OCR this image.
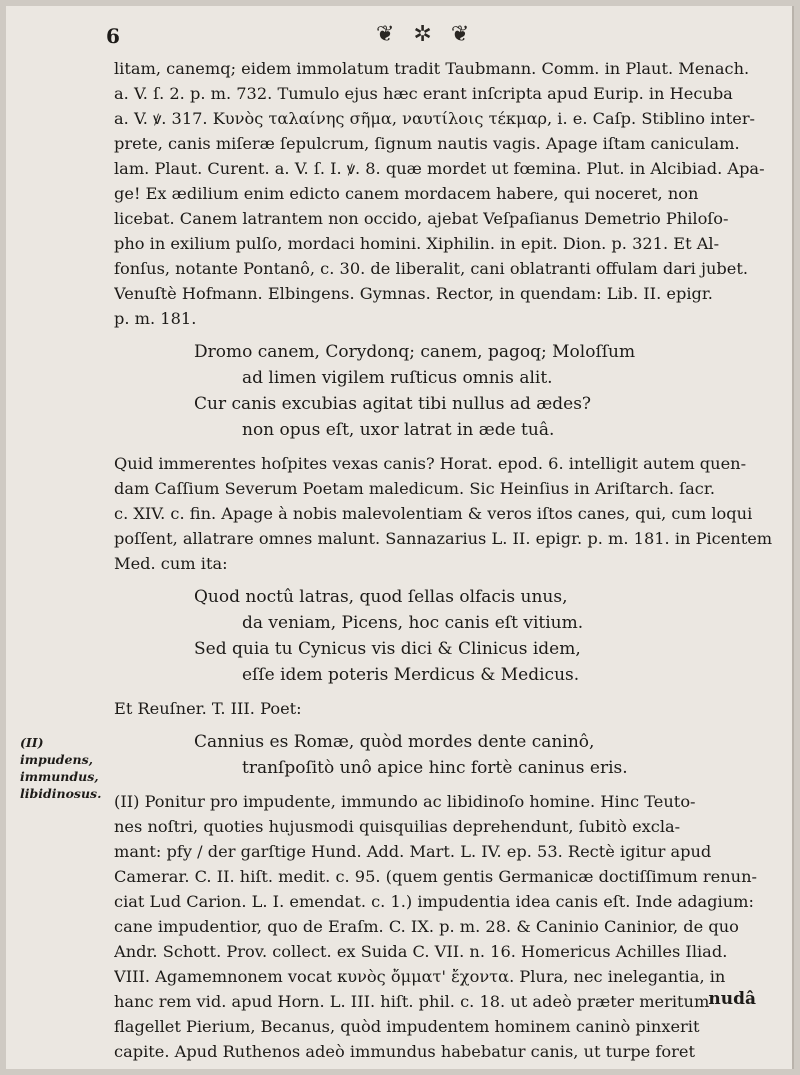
6	❦ ✲ ❦
litam, canemq; eidem immolatum tradit Taubmann. Comm. in Plaut. Menach.
a. V. ſ. 2. p. m. 732. Tumulo ejus hæc erant inſcripta apud Eurip. in Hecuba
a. V. ꝟ. 317. Κυνὸς ταλαίνης σῆμα, ναυτίλοις τέκμαρ, i. e. Caſp. Stiblino inter-
prete, canis miſeræ ſepulcrum, ſignum nautis vagis. Apage iſtam caniculam.
lam. Plaut. Curent. a. V. ſ. I. ꝟ. 8. quæ mordet ut fœmina. Plut. in Alcibiad. Apa-
ge! Ex ædilium enim edicto canem mordacem habere, qui noceret, non
licebat. Canem latrantem non occido, ajebat Veſpaſianus Demetrio Philoſo-
pho in exilium pulſo, mordaci homini. Xiphilin. in epit. Dion. p. 321. Et Al-
fonſus, notante Pontanô, c. 30. de liberalit, cani oblatranti offulam dari jubet.
Venuſtè Hofmann. Elbingens. Gymnas. Rector, in quendam: Lib. II. epigr.
p. m. 181.
Dromo canem, Corydonq; canem, pagoq; Moloſſum
ad limen vigilem ruſticus omnis alit.
Cur canis excubias agitat tibi nullus ad ædes?
non opus eſt, uxor latrat in æde tuâ.
Quid immerentes hoſpites vexas canis? Horat. epod. 6. intelligit autem quen-
dam Caſſium Severum Poetam maledicum. Sic Heinſius in Ariſtarch. ſacr.
c. XIV. c. fin. Apage à nobis malevolentiam & veros iſtos canes, qui, cum loqui
poſſent, allatrare omnes malunt. Sannazarius L. II. epigr. p. m. 181. in Picentem
Med. cum ita:
Quod noctû latras, quod ſellas olfacis unus,
da veniam, Picens, hoc canis eſt vitium.
Sed quia tu Cynicus vis dici & Clinicus idem,
eſſe idem poteris Merdicus & Medicus.
Et Reuſner. T. III. Poet:
Cannius es Romæ, quòd mordes dente caninô,
tranſpoſitò unô apice hinc fortè caninus eris.
(II) Ponitur pro impudente, immundo ac libidinoſo homine. Hinc Teuto-
nes noſtri, quoties hujusmodi quisquilias deprehendunt, ſubitò excla-
mant: pfy / der garſtige Hund. Add. Mart. L. IV. ep. 53. Rectè igitur apud
Camerar. C. II. hiſt. medit. c. 95. (quem gentis Germanicæ doctiſſimum renun-
ciat Lud Carion. L. I. emendat. c. 1.) impudentia idea canis eſt. Inde adagium:
cane impudentior, quo de Eraſm. C. IX. p. m. 28. & Caninio Caninior, de quo
Andr. Schott. Prov. collect. ex Suida C. VII. n. 16. Homericus Achilles Iliad.
VIII. Agamemnonem vocat κυνὸς ὄμματ' ἔχοντα. Plura, nec inelegantia, in
hanc rem vid. apud Horn. L. III. hiſt. phil. c. 18. ut adeò præter meritum
flagellet Pierium, Becanus, quòd impudentem hominem caninò pinxerit
capite. Apud Ruthenos adeò immundus habebatur canis, ut turpe foret
(II) impudens, immundus, libidinosus.
nudâ
